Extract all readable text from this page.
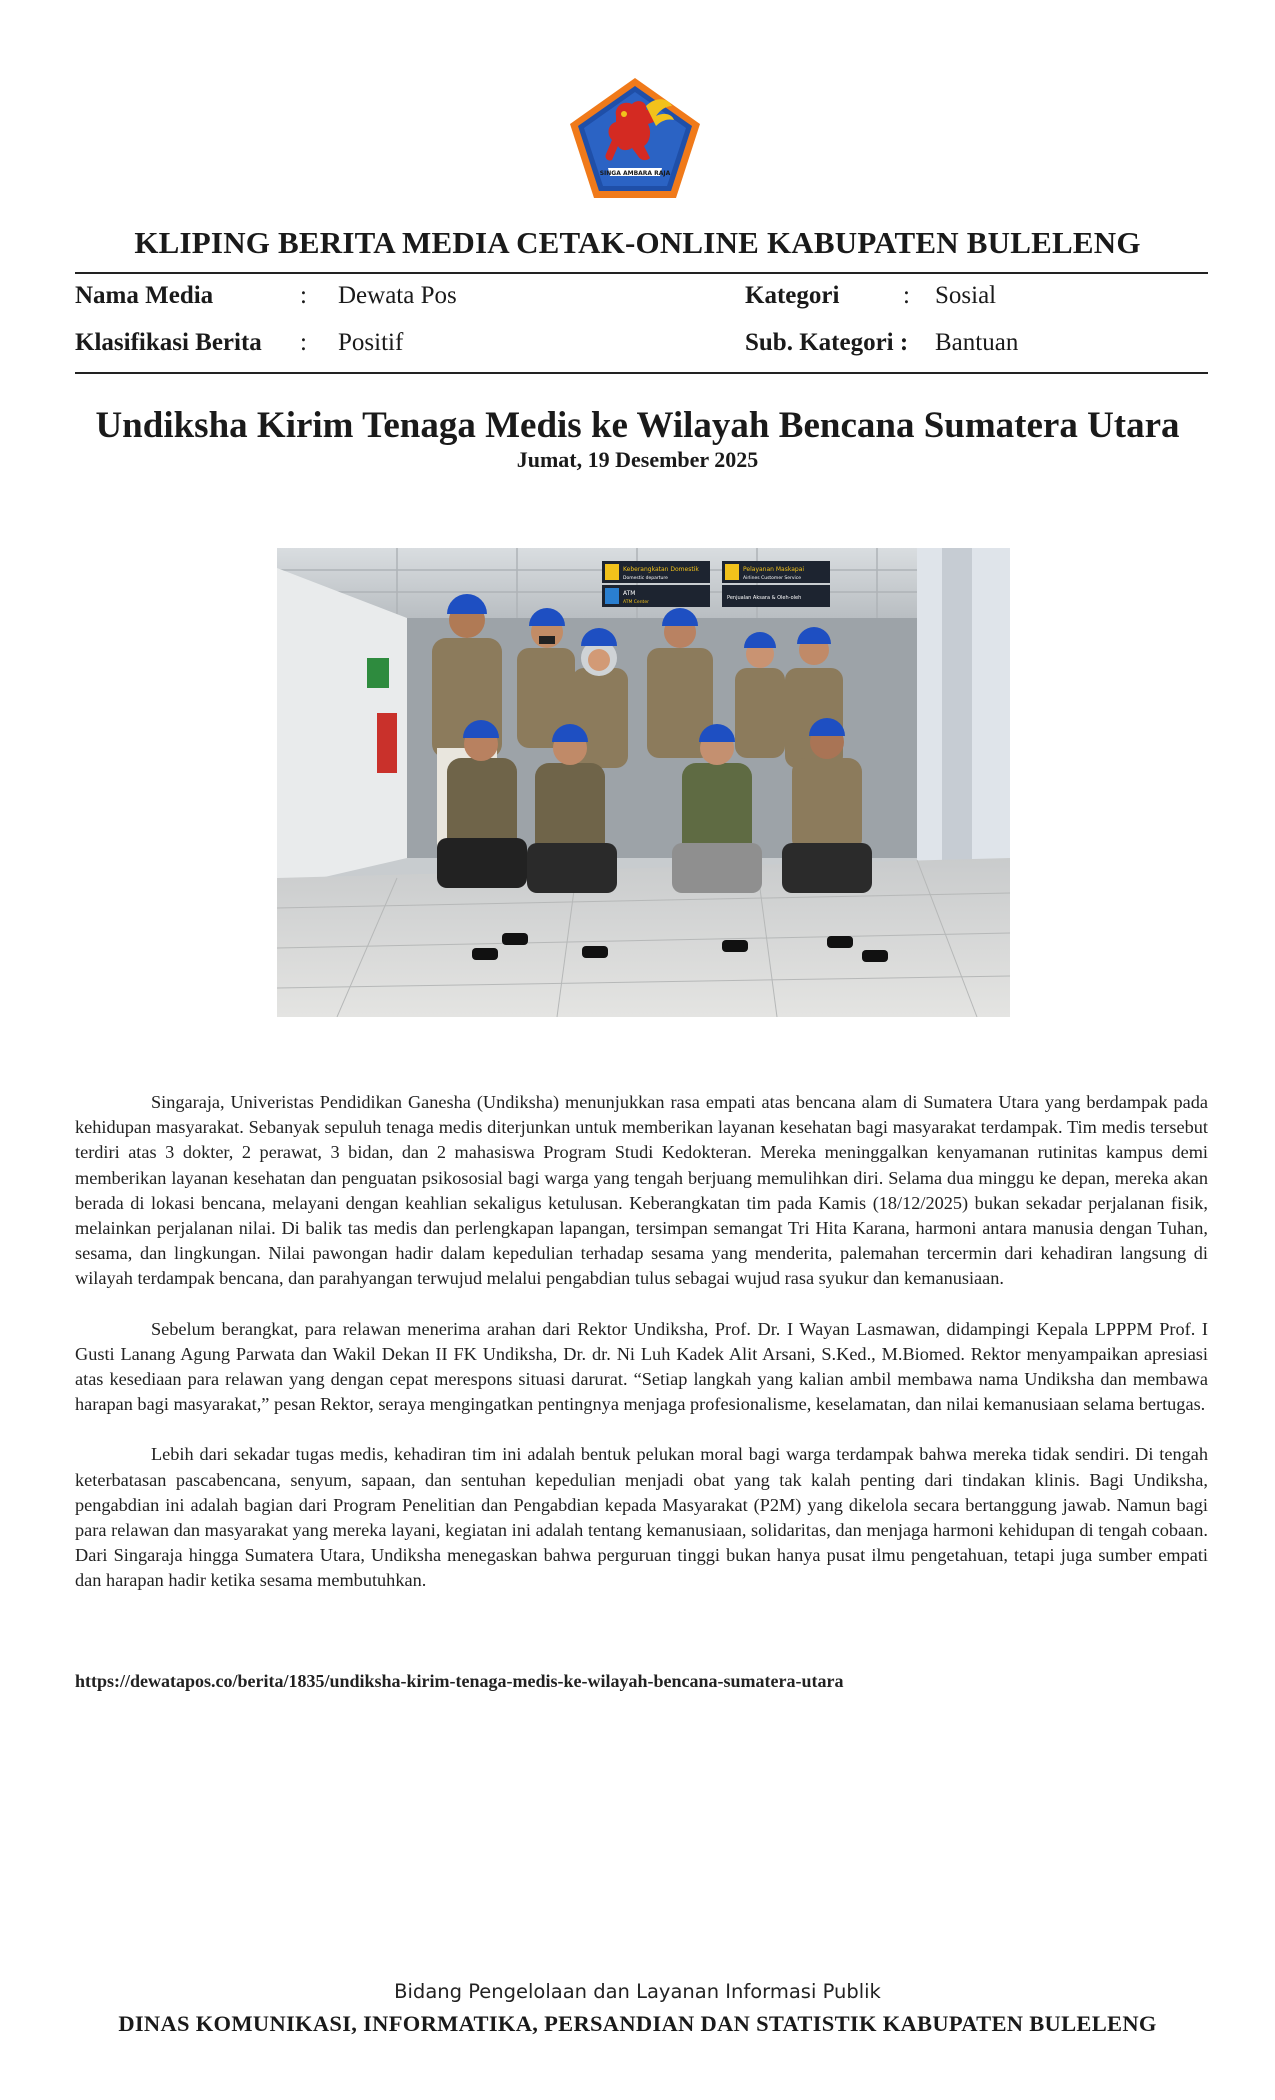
SINGA AMBARA RAJA
KLIPING BERITA MEDIA CETAK-ONLINE KABUPATEN BULELENG
Nama Media	: Dewata Pos	Kategori	: Sosial
Klasifikasi Berita : Positif	Sub. Kategori : Bantuan
Undiksha Kirim Tenaga Medis ke Wilayah Bencana Sumatera Utara
Jumat, 19 Desember 2025
Keberangkatan Domestik
Domestic departure
ATM
ATM Center
Pelayanan Maskapai
Airlines Customer Service
Penjualan Aksara & Oleh-oleh

Singaraja, Univeristas Pendidikan Ganesha (Undiksha) menunjukkan rasa empati atas bencana alam di Sumatera Utara yang berdampak pada kehidupan masyarakat. Sebanyak sepuluh tenaga medis diterjunkan untuk memberikan layanan kesehatan bagi masyarakat terdampak. Tim medis tersebut terdiri atas 3 dokter, 2 perawat, 3 bidan, dan 2 mahasiswa Program Studi Kedokteran. Mereka meninggalkan kenyamanan rutinitas kampus demi memberikan layanan kesehatan dan penguatan psikososial bagi warga yang tengah berjuang memulihkan diri. Selama dua minggu ke depan, mereka akan berada di lokasi bencana, melayani dengan keahlian sekaligus ketulusan. Keberangkatan tim pada Kamis (18/12/2025) bukan sekadar perjalanan fisik, melainkan perjalanan nilai. Di balik tas medis dan perlengkapan lapangan, tersimpan semangat Tri Hita Karana, harmoni antara manusia dengan Tuhan, sesama, dan lingkungan. Nilai pawongan hadir dalam kepedulian terhadap sesama yang menderita, palemahan tercermin dari kehadiran langsung di wilayah terdampak bencana, dan parahyangan terwujud melalui pengabdian tulus sebagai wujud rasa syukur dan kemanusiaan.

Sebelum berangkat, para relawan menerima arahan dari Rektor Undiksha, Prof. Dr. I Wayan Lasmawan, didampingi Kepala LPPPM Prof. I Gusti Lanang Agung Parwata dan Wakil Dekan II FK Undiksha, Dr. dr. Ni Luh Kadek Alit Arsani, S.Ked., M.Biomed. Rektor menyampaikan apresiasi atas kesediaan para relawan yang dengan cepat merespons situasi darurat. “Setiap langkah yang kalian ambil membawa nama Undiksha dan membawa harapan bagi masyarakat,” pesan Rektor, seraya mengingatkan pentingnya menjaga profesionalisme, keselamatan, dan nilai kemanusiaan selama bertugas.

Lebih dari sekadar tugas medis, kehadiran tim ini adalah bentuk pelukan moral bagi warga terdampak bahwa mereka tidak sendiri. Di tengah keterbatasan pascabencana, senyum, sapaan, dan sentuhan kepedulian menjadi obat yang tak kalah penting dari tindakan klinis. Bagi Undiksha, pengabdian ini adalah bagian dari Program Penelitian dan Pengabdian kepada Masyarakat (P2M) yang dikelola secara bertanggung jawab. Namun bagi para relawan dan masyarakat yang mereka layani, kegiatan ini adalah tentang kemanusiaan, solidaritas, dan menjaga harmoni kehidupan di tengah cobaan. Dari Singaraja hingga Sumatera Utara, Undiksha menegaskan bahwa perguruan tinggi bukan hanya pusat ilmu pengetahuan, tetapi juga sumber empati dan harapan hadir ketika sesama membutuhkan.

https://dewatapos.co/berita/1835/undiksha-kirim-tenaga-medis-ke-wilayah-bencana-sumatera-utara
Bidang Pengelolaan dan Layanan Informasi Publik
DINAS KOMUNIKASI, INFORMATIKA, PERSANDIAN DAN STATISTIK KABUPATEN BULELENG
